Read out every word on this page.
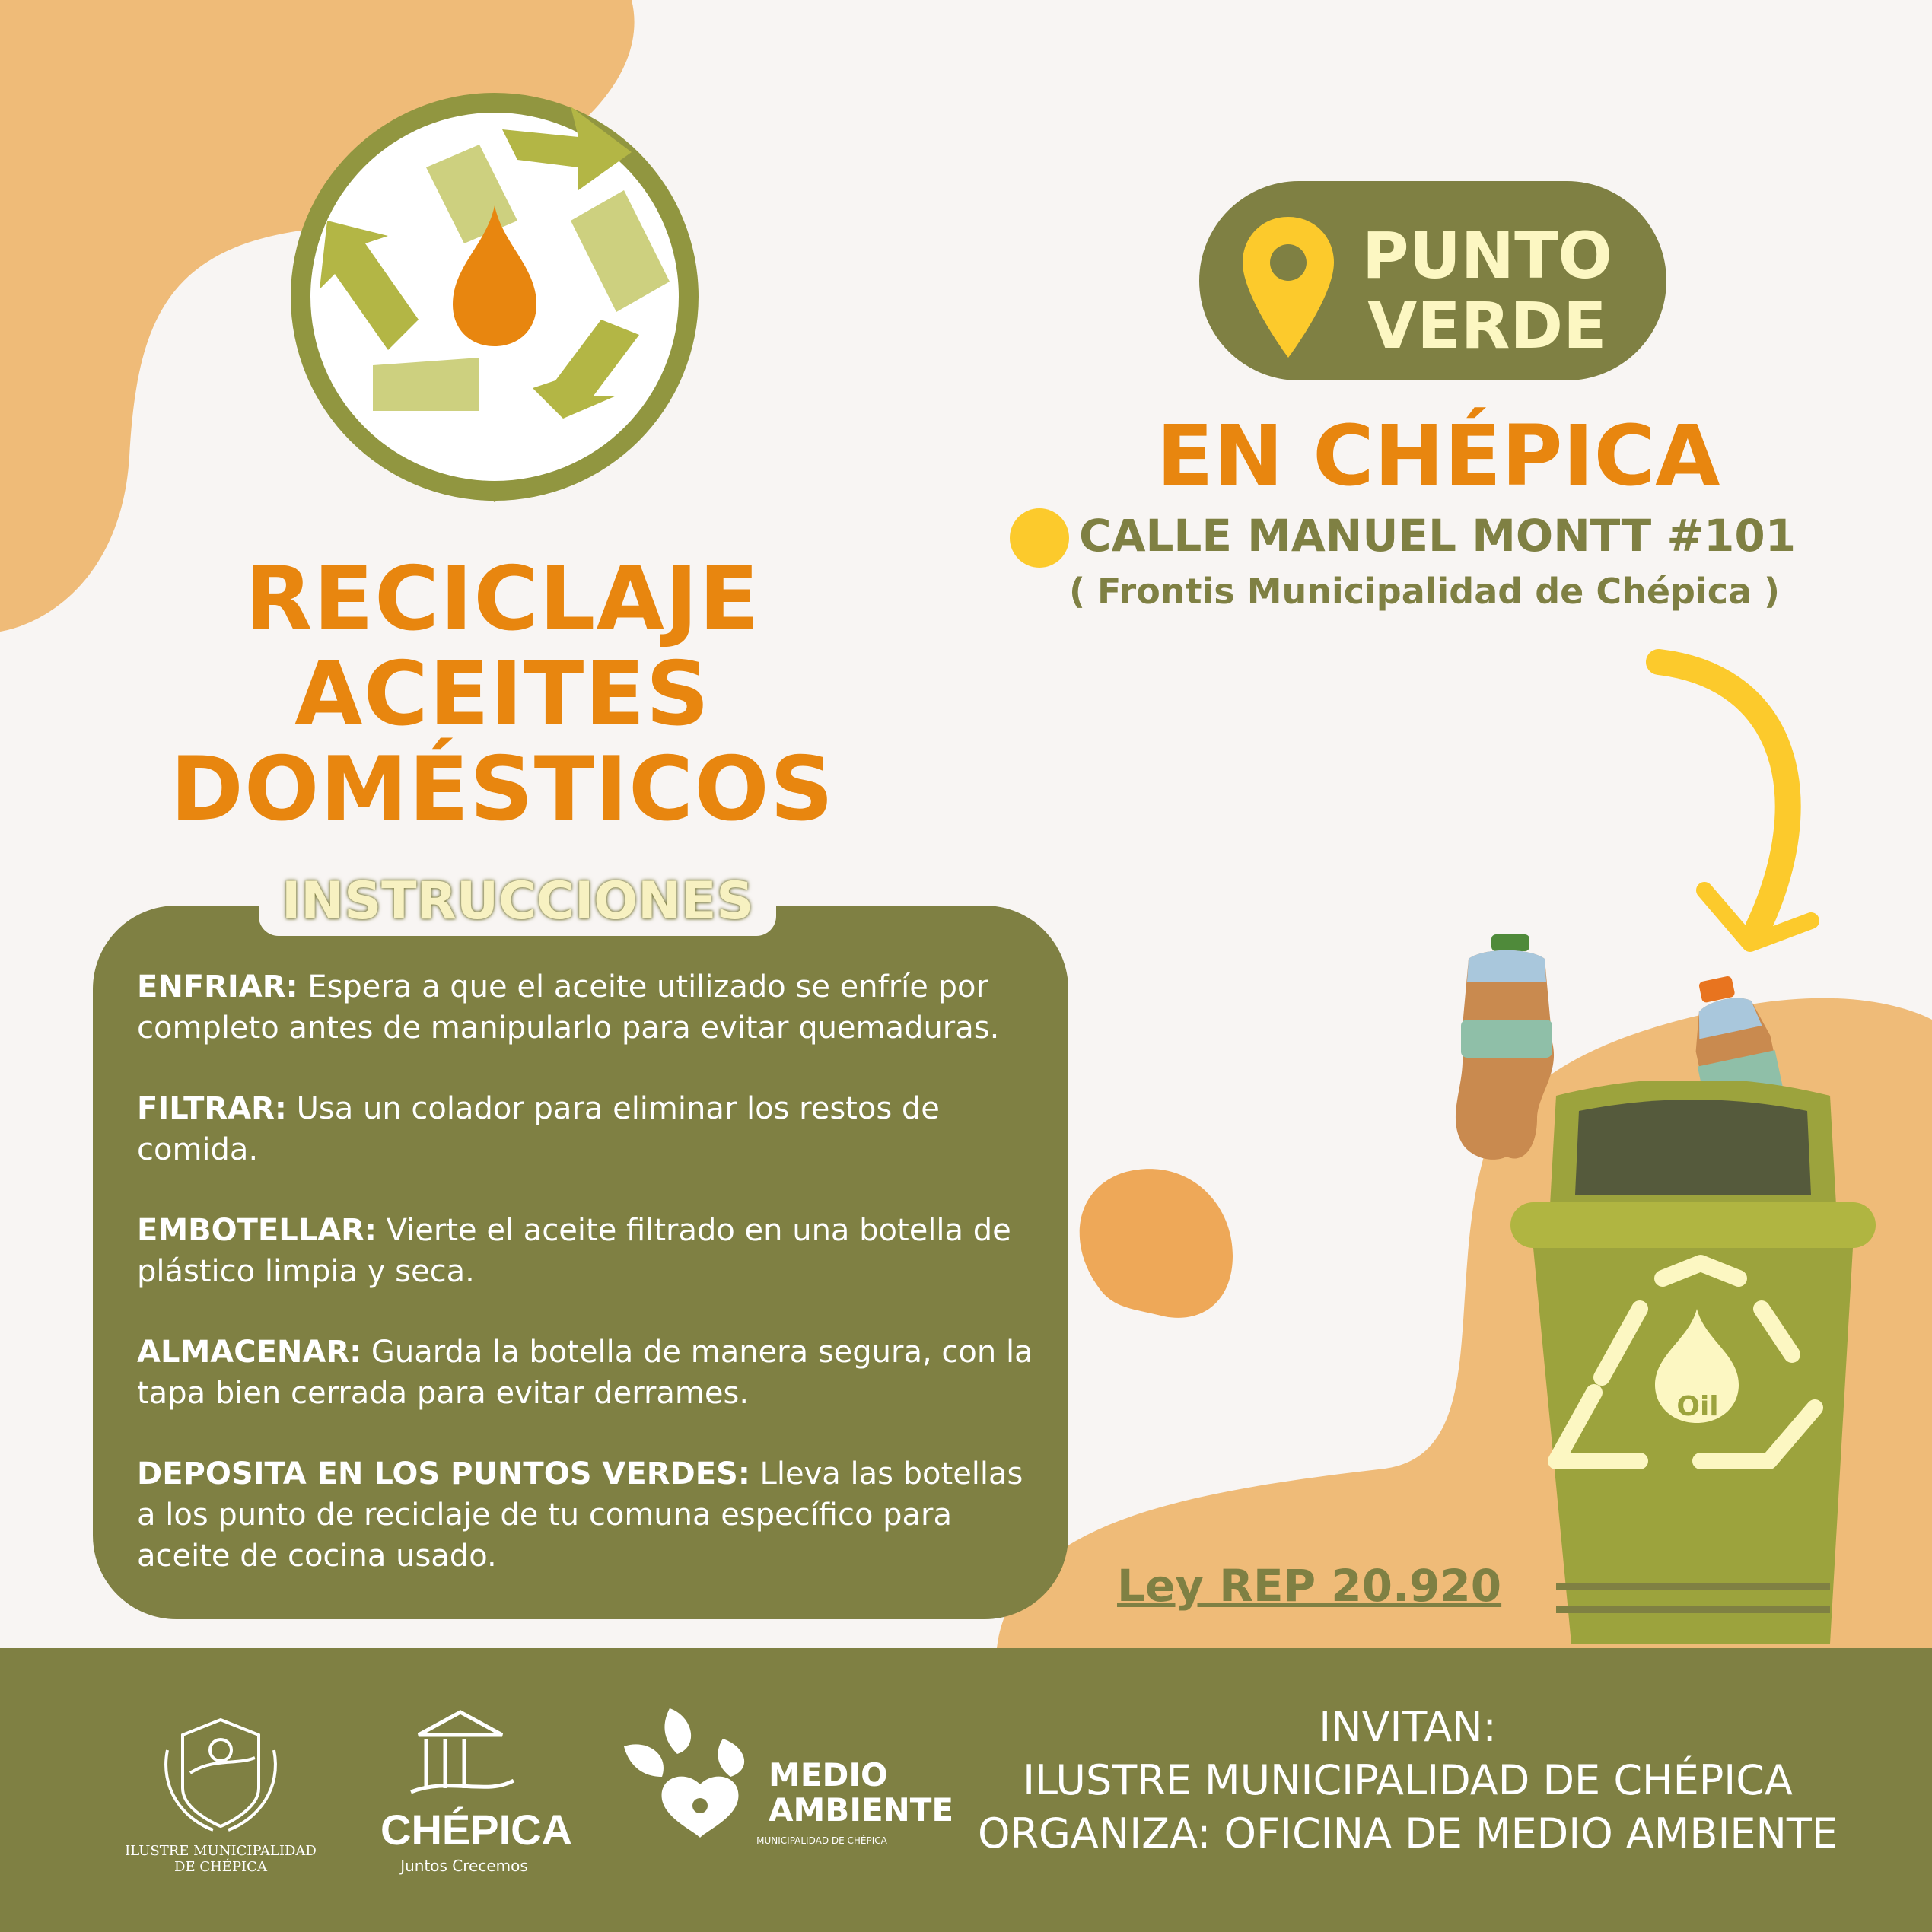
RECICLAJE
ACEITES
DOMÉSTICOS
INSTRUCCIONES

ENFRIAR: Espera a que el aceite utilizado se enfríe por completo antes de manipularlo para evitar quemaduras.

FILTRAR: Usa un colador para eliminar los restos de comida.

EMBOTELLAR: Vierte el aceite filtrado en una botella de plástico limpia y seca.

ALMACENAR: Guarda la botella de manera segura, con la tapa bien cerrada para evitar derrames.

DEPOSITA EN LOS PUNTOS VERDES: Lleva las botellas a los punto de reciclaje de tu comuna específico para aceite de cocina usado.

PUNTO
VERDE
EN CHÉPICA
CALLE MANUEL MONTT #101
( Frontis Municipalidad de Chépica )
Oil
Ley REP 20.920
ILUSTRE MUNICIPALIDAD
DE CHÉPICA
CHÉPICA
Juntos Crecemos
MEDIO
AMBIENTE
MUNICIPALIDAD DE CHÉPICA
INVITAN:
ILUSTRE MUNICIPALIDAD DE CHÉPICA
ORGANIZA: OFICINA DE MEDIO AMBIENTE
